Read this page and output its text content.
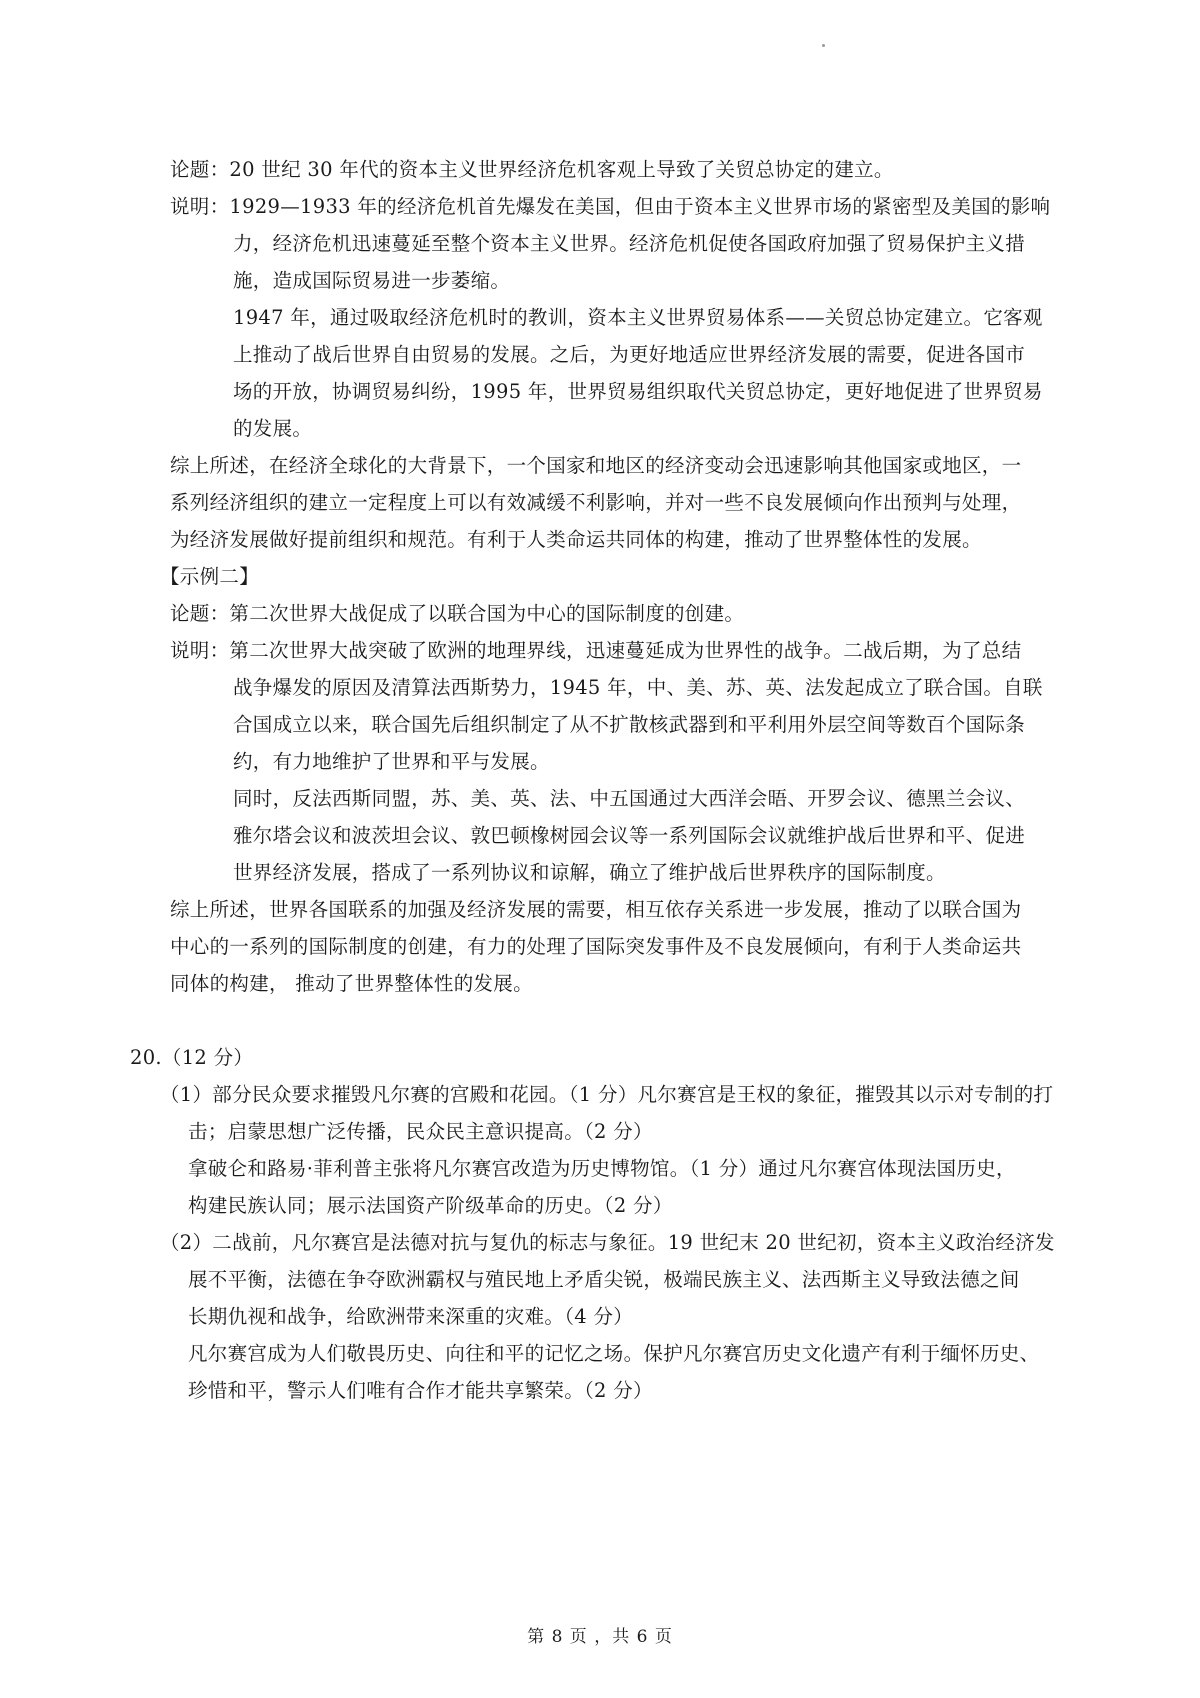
论题：20 世纪 30 年代的资本主义世界经济危机客观上导致了关贸总协定的建立。
说明：1929—1933 年的经济危机首先爆发在美国，但由于资本主义世界市场的紧密型及美国的影响
力，经济危机迅速蔓延至整个资本主义世界。经济危机促使各国政府加强了贸易保护主义措
施，造成国际贸易进一步萎缩。
1947 年，通过吸取经济危机时的教训，资本主义世界贸易体系——关贸总协定建立。它客观
上推动了战后世界自由贸易的发展。之后，为更好地适应世界经济发展的需要，促进各国市
场的开放，协调贸易纠纷，1995 年，世界贸易组织取代关贸总协定，更好地促进了世界贸易
的发展。
综上所述，在经济全球化的大背景下，一个国家和地区的经济变动会迅速影响其他国家或地区，一
系列经济组织的建立一定程度上可以有效减缓不利影响，并对一些不良发展倾向作出预判与处理，
为经济发展做好提前组织和规范。有利于人类命运共同体的构建，推动了世界整体性的发展。
【示例二】
论题：第二次世界大战促成了以联合国为中心的国际制度的创建。
说明：第二次世界大战突破了欧洲的地理界线，迅速蔓延成为世界性的战争。二战后期，为了总结
战争爆发的原因及清算法西斯势力，1945 年，中、美、苏、英、法发起成立了联合国。自联
合国成立以来，联合国先后组织制定了从不扩散核武器到和平利用外层空间等数百个国际条
约，有力地维护了世界和平与发展。
同时，反法西斯同盟，苏、美、英、法、中五国通过大西洋会晤、开罗会议、德黑兰会议、
雅尔塔会议和波茨坦会议、敦巴顿橡树园会议等一系列国际会议就维护战后世界和平、促进
世界经济发展，搭成了一系列协议和谅解，确立了维护战后世界秩序的国际制度。
综上所述，世界各国联系的加强及经济发展的需要，相互依存关系进一步发展，推动了以联合国为
中心的一系列的国际制度的创建，有力的处理了国际突发事件及不良发展倾向，有利于人类命运共
同体的构建， 推动了世界整体性的发展。
20.（12 分）
（1）部分民众要求摧毁凡尔赛的宫殿和花园。（1 分）凡尔赛宫是王权的象征，摧毁其以示对专制的打
击；启蒙思想广泛传播，民众民主意识提高。（2 分）
拿破仑和路易·菲利普主张将凡尔赛宫改造为历史博物馆。（1 分）通过凡尔赛宫体现法国历史，
构建民族认同；展示法国资产阶级革命的历史。（2 分）
（2）二战前，凡尔赛宫是法德对抗与复仇的标志与象征。19 世纪末 20 世纪初，资本主义政治经济发
展不平衡，法德在争夺欧洲霸权与殖民地上矛盾尖锐，极端民族主义、法西斯主义导致法德之间
长期仇视和战争，给欧洲带来深重的灾难。（4 分）
凡尔赛宫成为人们敬畏历史、向往和平的记忆之场。保护凡尔赛宫历史文化遗产有利于缅怀历史、
珍惜和平，警示人们唯有合作才能共享繁荣。（2 分）
第 8 页 ，共 6 页
